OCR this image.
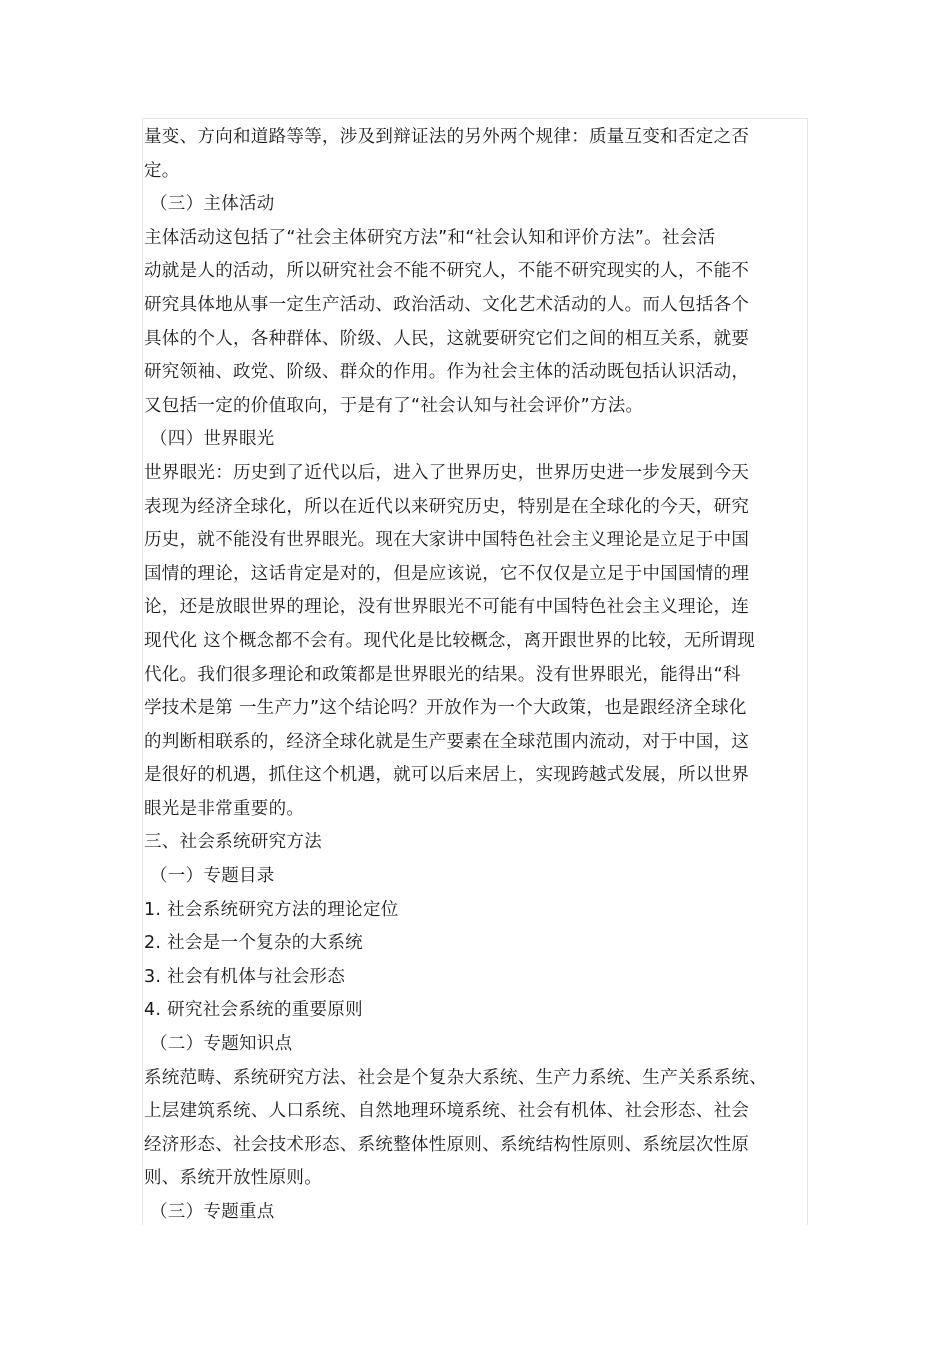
量变、方向和道路等等，涉及到辩证法的另外两个规律：质量互变和否定之否
定。
（三）主体活动
主体活动这包括了“社会主体研究方法”和“社会认知和评价方法”。社会活
动就是人的活动，所以研究社会不能不研究人，不能不研究现实的人，不能不
研究具体地从事一定生产活动、政治活动、文化艺术活动的人。而人包括各个
具体的个人，各种群体、阶级、人民，这就要研究它们之间的相互关系，就要
研究领袖、政党、阶级、群众的作用。作为社会主体的活动既包括认识活动，
又包括一定的价值取向，于是有了“社会认知与社会评价”方法。
（四）世界眼光
世界眼光：历史到了近代以后，进入了世界历史，世界历史进一步发展到今天
表现为经济全球化，所以在近代以来研究历史，特别是在全球化的今天，研究
历史，就不能没有世界眼光。现在大家讲中国特色社会主义理论是立足于中国
国情的理论，这话肯定是对的，但是应该说，它不仅仅是立足于中国国情的理
论，还是放眼世界的理论，没有世界眼光不可能有中国特色社会主义理论，连
现代化 这个概念都不会有。现代化是比较概念，离开跟世界的比较，无所谓现
代化。我们很多理论和政策都是世界眼光的结果。没有世界眼光，能得出“科
学技术是第 一生产力”这个结论吗？开放作为一个大政策，也是跟经济全球化
的判断相联系的，经济全球化就是生产要素在全球范围内流动，对于中国，这
是很好的机遇，抓住这个机遇，就可以后来居上，实现跨越式发展，所以世界
眼光是非常重要的。
三、社会系统研究方法
（一）专题目录
1. 社会系统研究方法的理论定位
2. 社会是一个复杂的大系统
3. 社会有机体与社会形态
4. 研究社会系统的重要原则
（二）专题知识点
系统范畴、系统研究方法、社会是个复杂大系统、生产力系统、生产关系系统、
上层建筑系统、人口系统、自然地理环境系统、社会有机体、社会形态、社会
经济形态、社会技术形态、系统整体性原则、系统结构性原则、系统层次性原
则、系统开放性原则。
（三）专题重点
